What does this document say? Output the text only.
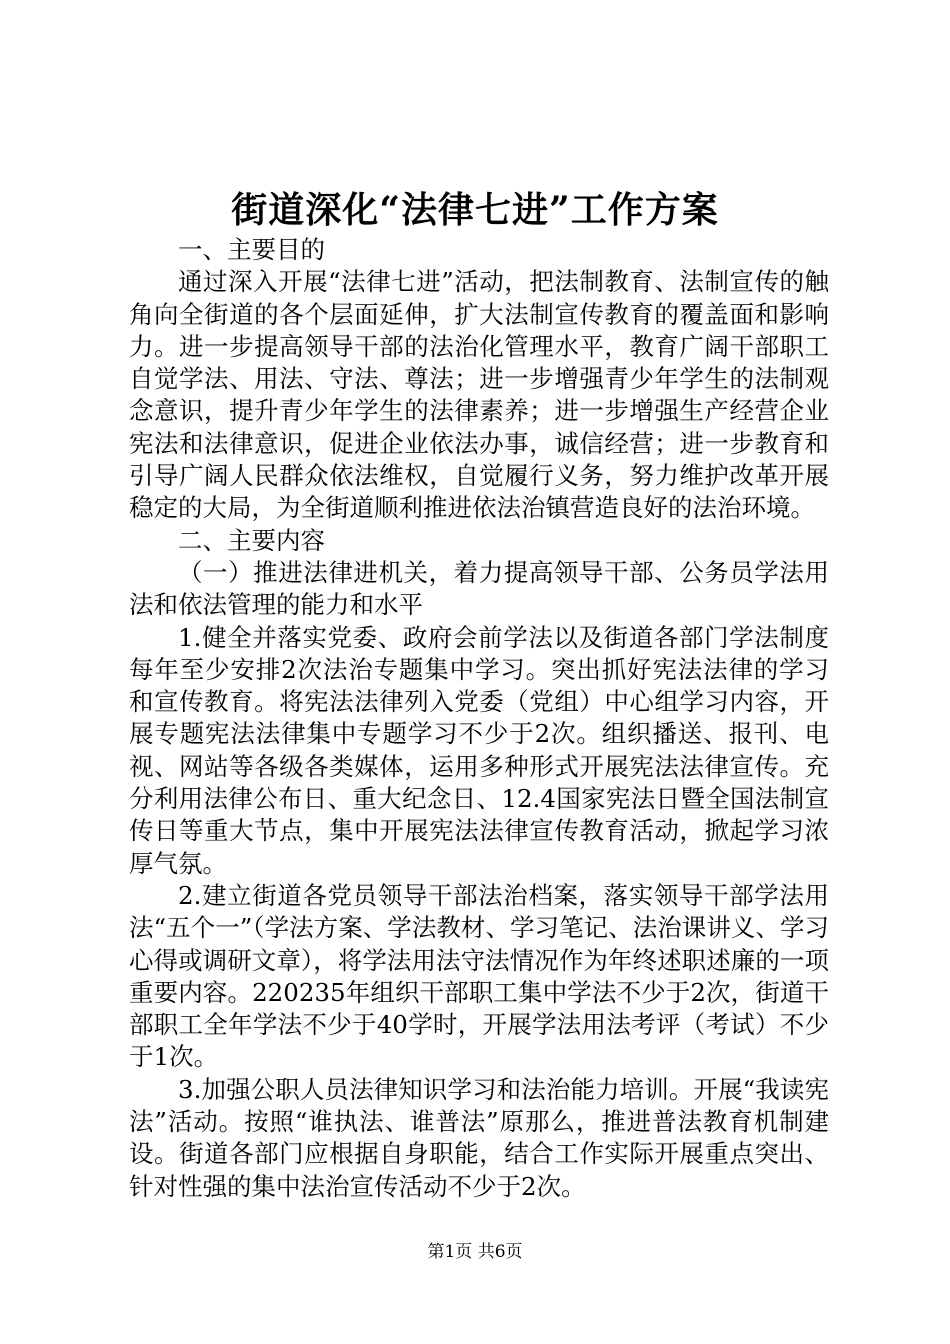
街道深化“法律七进”工作方案

一、主要目的

通过深入开展“法律七进”活动，把法制教育、法制宣传的触角向全街道的各个层面延伸，扩大法制宣传教育的覆盖面和影响力。进一步提高领导干部的法治化管理水平，教育广阔干部职工自觉学法、用法、守法、尊法；进一步增强青少年学生的法制观念意识，提升青少年学生的法律素养；进一步增强生产经营企业宪法和法律意识，促进企业依法办事，诚信经营；进一步教育和引导广阔人民群众依法维权，自觉履行义务，努力维护改革开展稳定的大局，为全街道顺利推进依法治镇营造良好的法治环境。

二、主要内容

（一）推进法律进机关，着力提高领导干部、公务员学法用法和依法管理的能力和水平

1.健全并落实党委、政府会前学法以及街道各部门学法制度每年至少安排2次法治专题集中学习。突出抓好宪法法律的学习和宣传教育。将宪法法律列入党委（党组）中心组学习内容，开展专题宪法法律集中专题学习不少于2次。组织播送、报刊、电视、网站等各级各类媒体，运用多种形式开展宪法法律宣传。充分利用法律公布日、重大纪念日、12.4国家宪法日暨全国法制宣传日等重大节点，集中开展宪法法律宣传教育活动，掀起学习浓厚气氛。

2.建立街道各党员领导干部法治档案，落实领导干部学法用法“五个一”（学法方案、学法教材、学习笔记、法治课讲义、学习心得或调研文章），将学法用法守法情况作为年终述职述廉的一项重要内容。220235年组织干部职工集中学法不少于2次，街道干部职工全年学法不少于40学时，开展学法用法考评（考试）不少于1次。

3.加强公职人员法律知识学习和法治能力培训。开展“我读宪法”活动。按照“谁执法、谁普法”原那么，推进普法教育机制建设。街道各部门应根据自身职能，结合工作实际开展重点突出、针对性强的集中法治宣传活动不少于2次。

第1页 共6页
